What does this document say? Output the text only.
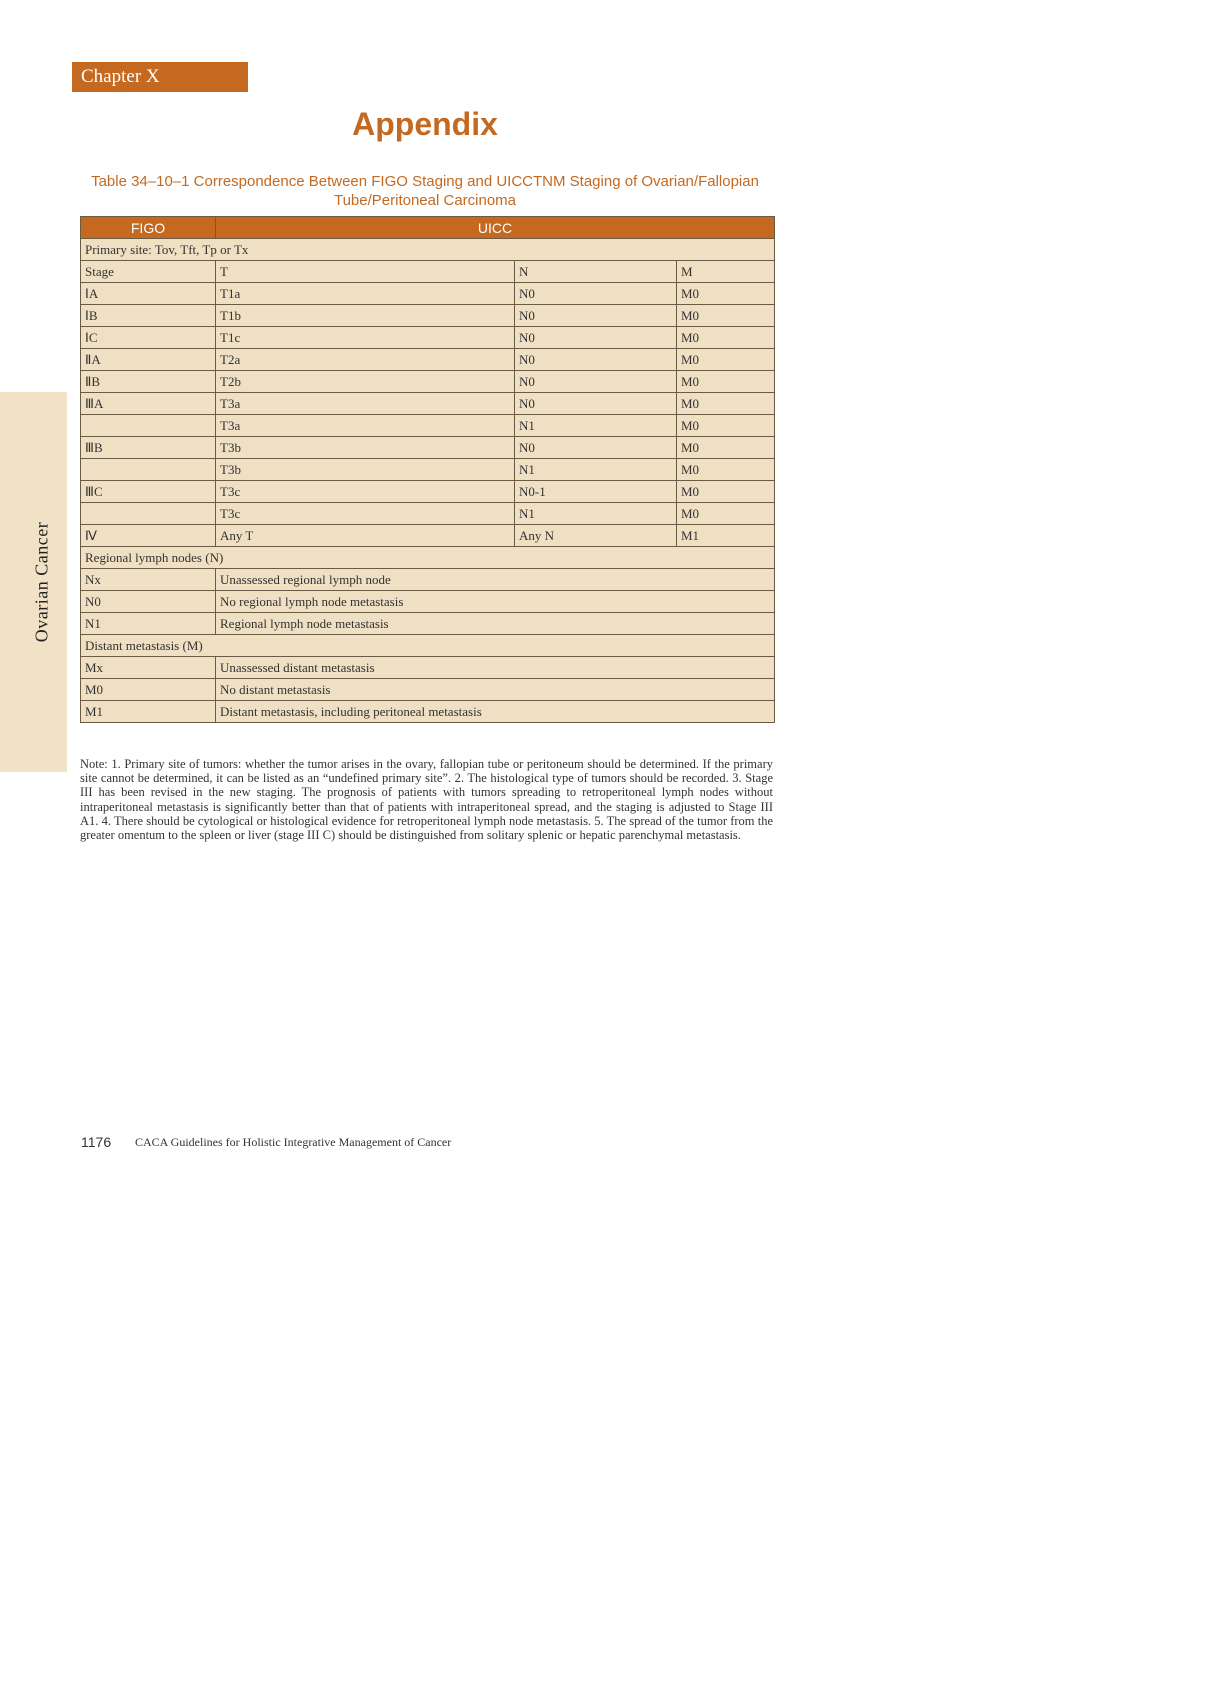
Chapter X
Appendix
Table 34–10–1 Correspondence Between FIGO Staging and UICCTNM Staging of Ovarian/Fallopian
Tube/Peritoneal Carcinoma
Ovarian Cancer
FIGO	UICC		
Primary site: Tov, Tft, Tp or Tx			
Stage	T	N	M
ⅠA	T1a	N0	M0
ⅠB	T1b	N0	M0
ⅠC	T1c	N0	M0
ⅡA	T2a	N0	M0
ⅡB	T2b	N0	M0
ⅢA	T3a	N0	M0
	T3a	N1	M0
ⅢB	T3b	N0	M0
	T3b	N1	M0
ⅢC	T3c	N0-1	M0
	T3c	N1	M0
Ⅳ	Any T	Any N	M1
Regional lymph nodes (N)			
Nx	Unassessed regional lymph node		
N0	No regional lymph node metastasis		
N1	Regional lymph node metastasis		
Distant metastasis (M)			
Mx	Unassessed distant metastasis		
M0	No distant metastasis		
M1	Distant metastasis, including peritoneal metastasis		
Note: 1. Primary site of tumors: whether the tumor arises in the ovary, fallopian tube or peritoneum should be determined. If the primary site cannot be determined, it can be listed as an “undefined primary site”. 2. The histological type of tumors should be recorded. 3. Stage III has been revised in the new staging. The prognosis of patients with tumors spreading to retroperitoneal lymph nodes without intraperitoneal metastasis is significantly better than that of patients with intraperitoneal spread, and the staging is adjusted to Stage III A1. 4. There should be cytological or histological evidence for retroperitoneal lymph node metastasis. 5. The spread of the tumor from the greater omentum to the spleen or liver (stage III C) should be distinguished from solitary splenic or hepatic parenchymal metastasis.
1176 CACA Guidelines for Holistic Integrative Management of Cancer
